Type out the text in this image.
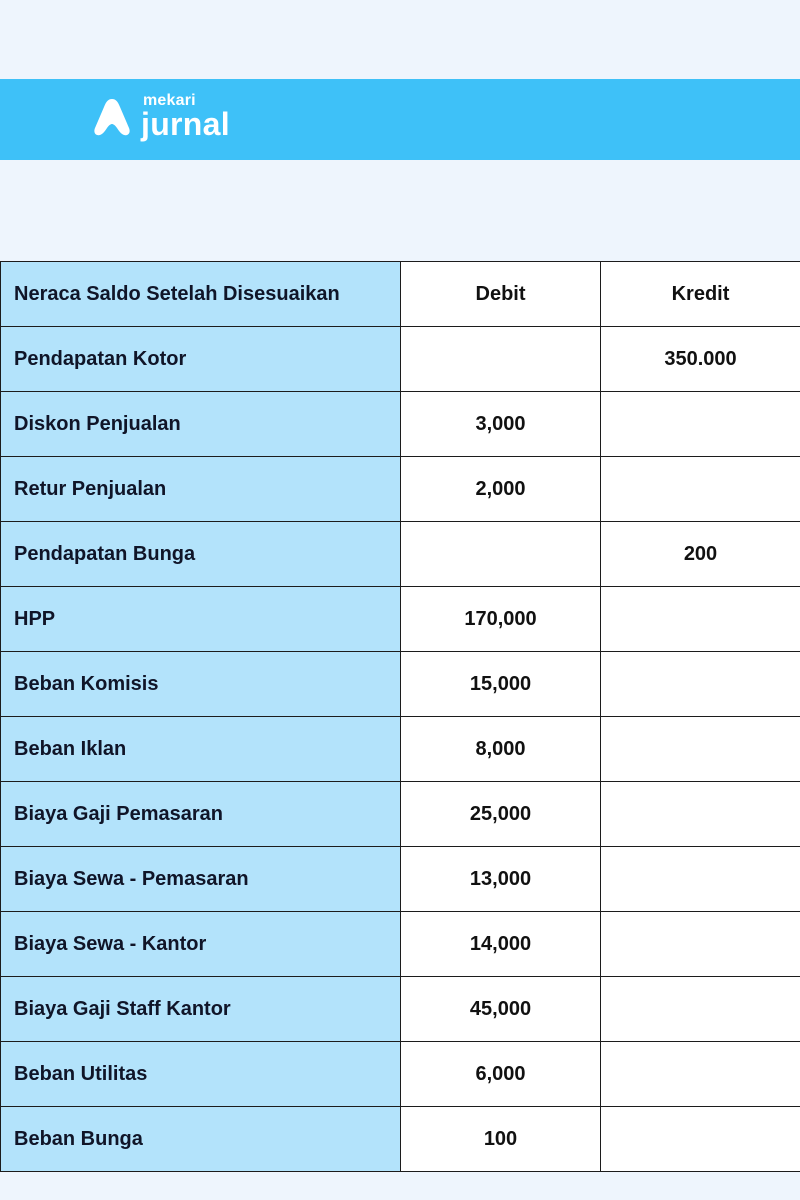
mekari
jurnal
Neraca Saldo Setelah Disesuaikan	Debit	Kredit
Pendapatan Kotor		350.000
Diskon Penjualan	3,000	
Retur Penjualan	2,000	
Pendapatan Bunga		200
HPP	170,000	
Beban Komisis	15,000	
Beban Iklan	8,000	
Biaya Gaji Pemasaran	25,000	
Biaya Sewa - Pemasaran	13,000	
Biaya Sewa - Kantor	14,000	
Biaya Gaji Staff Kantor	45,000	
Beban Utilitas	6,000	
Beban Bunga	100	
